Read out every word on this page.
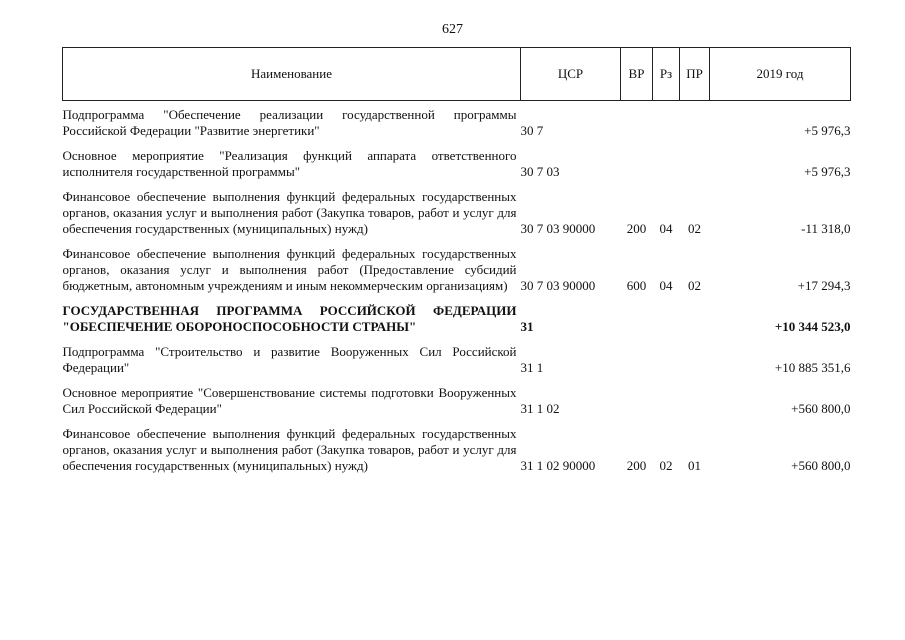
627
Наименование	ЦСР	ВР	Рз	ПР	2019 год
Подпрограмма "Обеспечение реализации государственной программы Российской Федерации "Развитие энергетики"	30 7				+5 976,3
Основное мероприятие "Реализация функций аппарата ответственного исполнителя государственной программы"	30 7 03				+5 976,3
Финансовое обеспечение выполнения функций федеральных государственных органов, оказания услуг и выполнения работ (Закупка товаров, работ и услуг для обеспечения государственных (муниципальных) нужд)	30 7 03 90000	200	04	02	-11 318,0
Финансовое обеспечение выполнения функций федеральных государственных органов, оказания услуг и выполнения работ (Предоставление субсидий бюджетным, автономным учреждениям и иным некоммерческим организациям)	30 7 03 90000	600	04	02	+17 294,3
ГОСУДАРСТВЕННАЯ ПРОГРАММА РОССИЙСКОЙ ФЕДЕРАЦИИ "ОБЕСПЕЧЕНИЕ ОБОРОНОСПОСОБНОСТИ СТРАНЫ"	31				+10 344 523,0
Подпрограмма "Строительство и развитие Вооруженных Сил Российской Федерации"	31 1				+10 885 351,6
Основное мероприятие "Совершенствование системы подготовки Вооруженных Сил Российской Федерации"	31 1 02				+560 800,0
Финансовое обеспечение выполнения функций федеральных государственных органов, оказания услуг и выполнения работ (Закупка товаров, работ и услуг для обеспечения государственных (муниципальных) нужд)	31 1 02 90000	200	02	01	+560 800,0
